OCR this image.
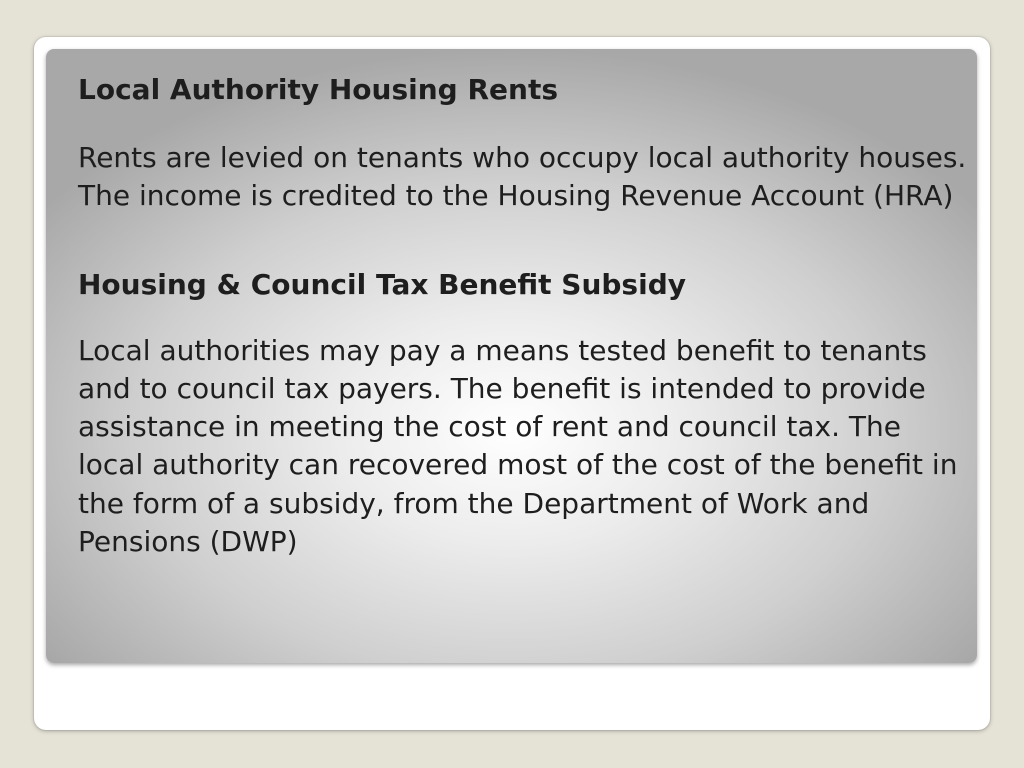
Local Authority Housing Rents

Rents are levied on tenants who occupy local authority houses. The income is credited to the Housing Revenue Account (HRA)

Housing & Council Tax Benefit Subsidy

Local authorities may pay a means tested benefit to tenants and to council tax payers. The benefit is intended to provide assistance in meeting the cost of rent and council tax. The local authority can recovered most of the cost of the benefit in the form of a subsidy, from the Department of Work and Pensions (DWP)
